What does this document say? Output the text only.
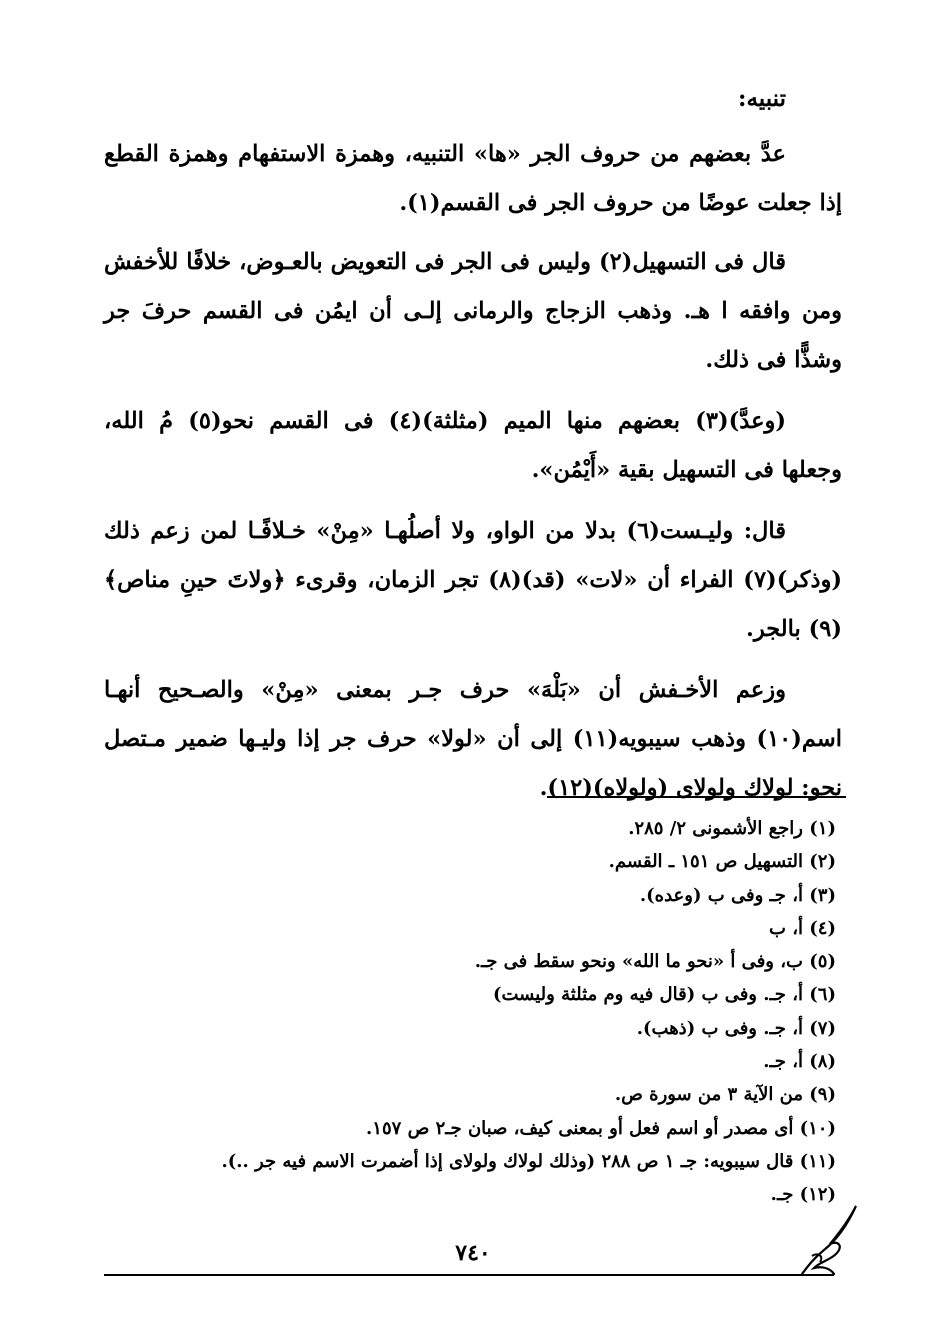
تنبيه:

عدَّ بعضهم من حروف الجر «ها» التنبيه، وهمزة الاستفهام وهمزة القطع إذا جعلت عوضًا من حروف الجر فى القسم(١).

قال فى التسهيل(٢) وليس فى الجر فى التعويض بالعـوض، خلافًا للأخفش ومن وافقه ا هـ. وذهب الزجاج والرمانى إلـى أن ايمُن فى القسم حرفَ جر وشذًّا فى ذلك.

(وعدَّ)(٣) بعضهم منها الميم (مثلثة)(٤) فى القسم نحو(٥) مُ الله، وجعلها فى التسهيل بقية «أَيْمُن».

قال: وليـست(٦) بدلا من الواو، ولا أصلُهـا «مِنْ» خـلافًـا لمن زعم ذلك (وذكر)(٧) الفراء أن «لات» (قد)(٨) تجر الزمان، وقرىء ﴿ولاتَ حينِ مناص﴾(٩) بالجر.

وزعم الأخـفش أن «بَلْهَ» حرف جـر بمعنى «مِنْ» والصـحيح أنهـا اسم(١٠) وذهب سيبويه(١١) إلى أن «لولا» حرف جر إذا وليـها ضمير مـتصل نحو: لولاك ولولاى (ولولاه)(١٢).

(١) راجع الأشمونى ٢/ ٢٨٥.
(٢) التسهيل ص ١٥١ ـ القسم.
(٣) أ، جـ وفى ب (وعده).
(٤) أ، ب
(٥) ب، وفى أ «نحو ما الله» ونحو سقط فى جـ.
(٦) أ، جـ. وفى ب (قال فيه وم مثلثة وليست)
(٧) أ، جـ. وفى ب (ذهب).
(٨) أ، جـ.
(٩) من الآية ٣ من سورة ص.
(١٠) أى مصدر أو اسم فعل أو بمعنى كيف، صبان جـ٢ ص ١٥٧.
(١١) قال سيبويه: جـ ١ ص ٢٨٨ (وذلك لولاك ولولاى إذا أضمرت الاسم فيه جر ..).
(١٢) جـ.
٧٤٠
